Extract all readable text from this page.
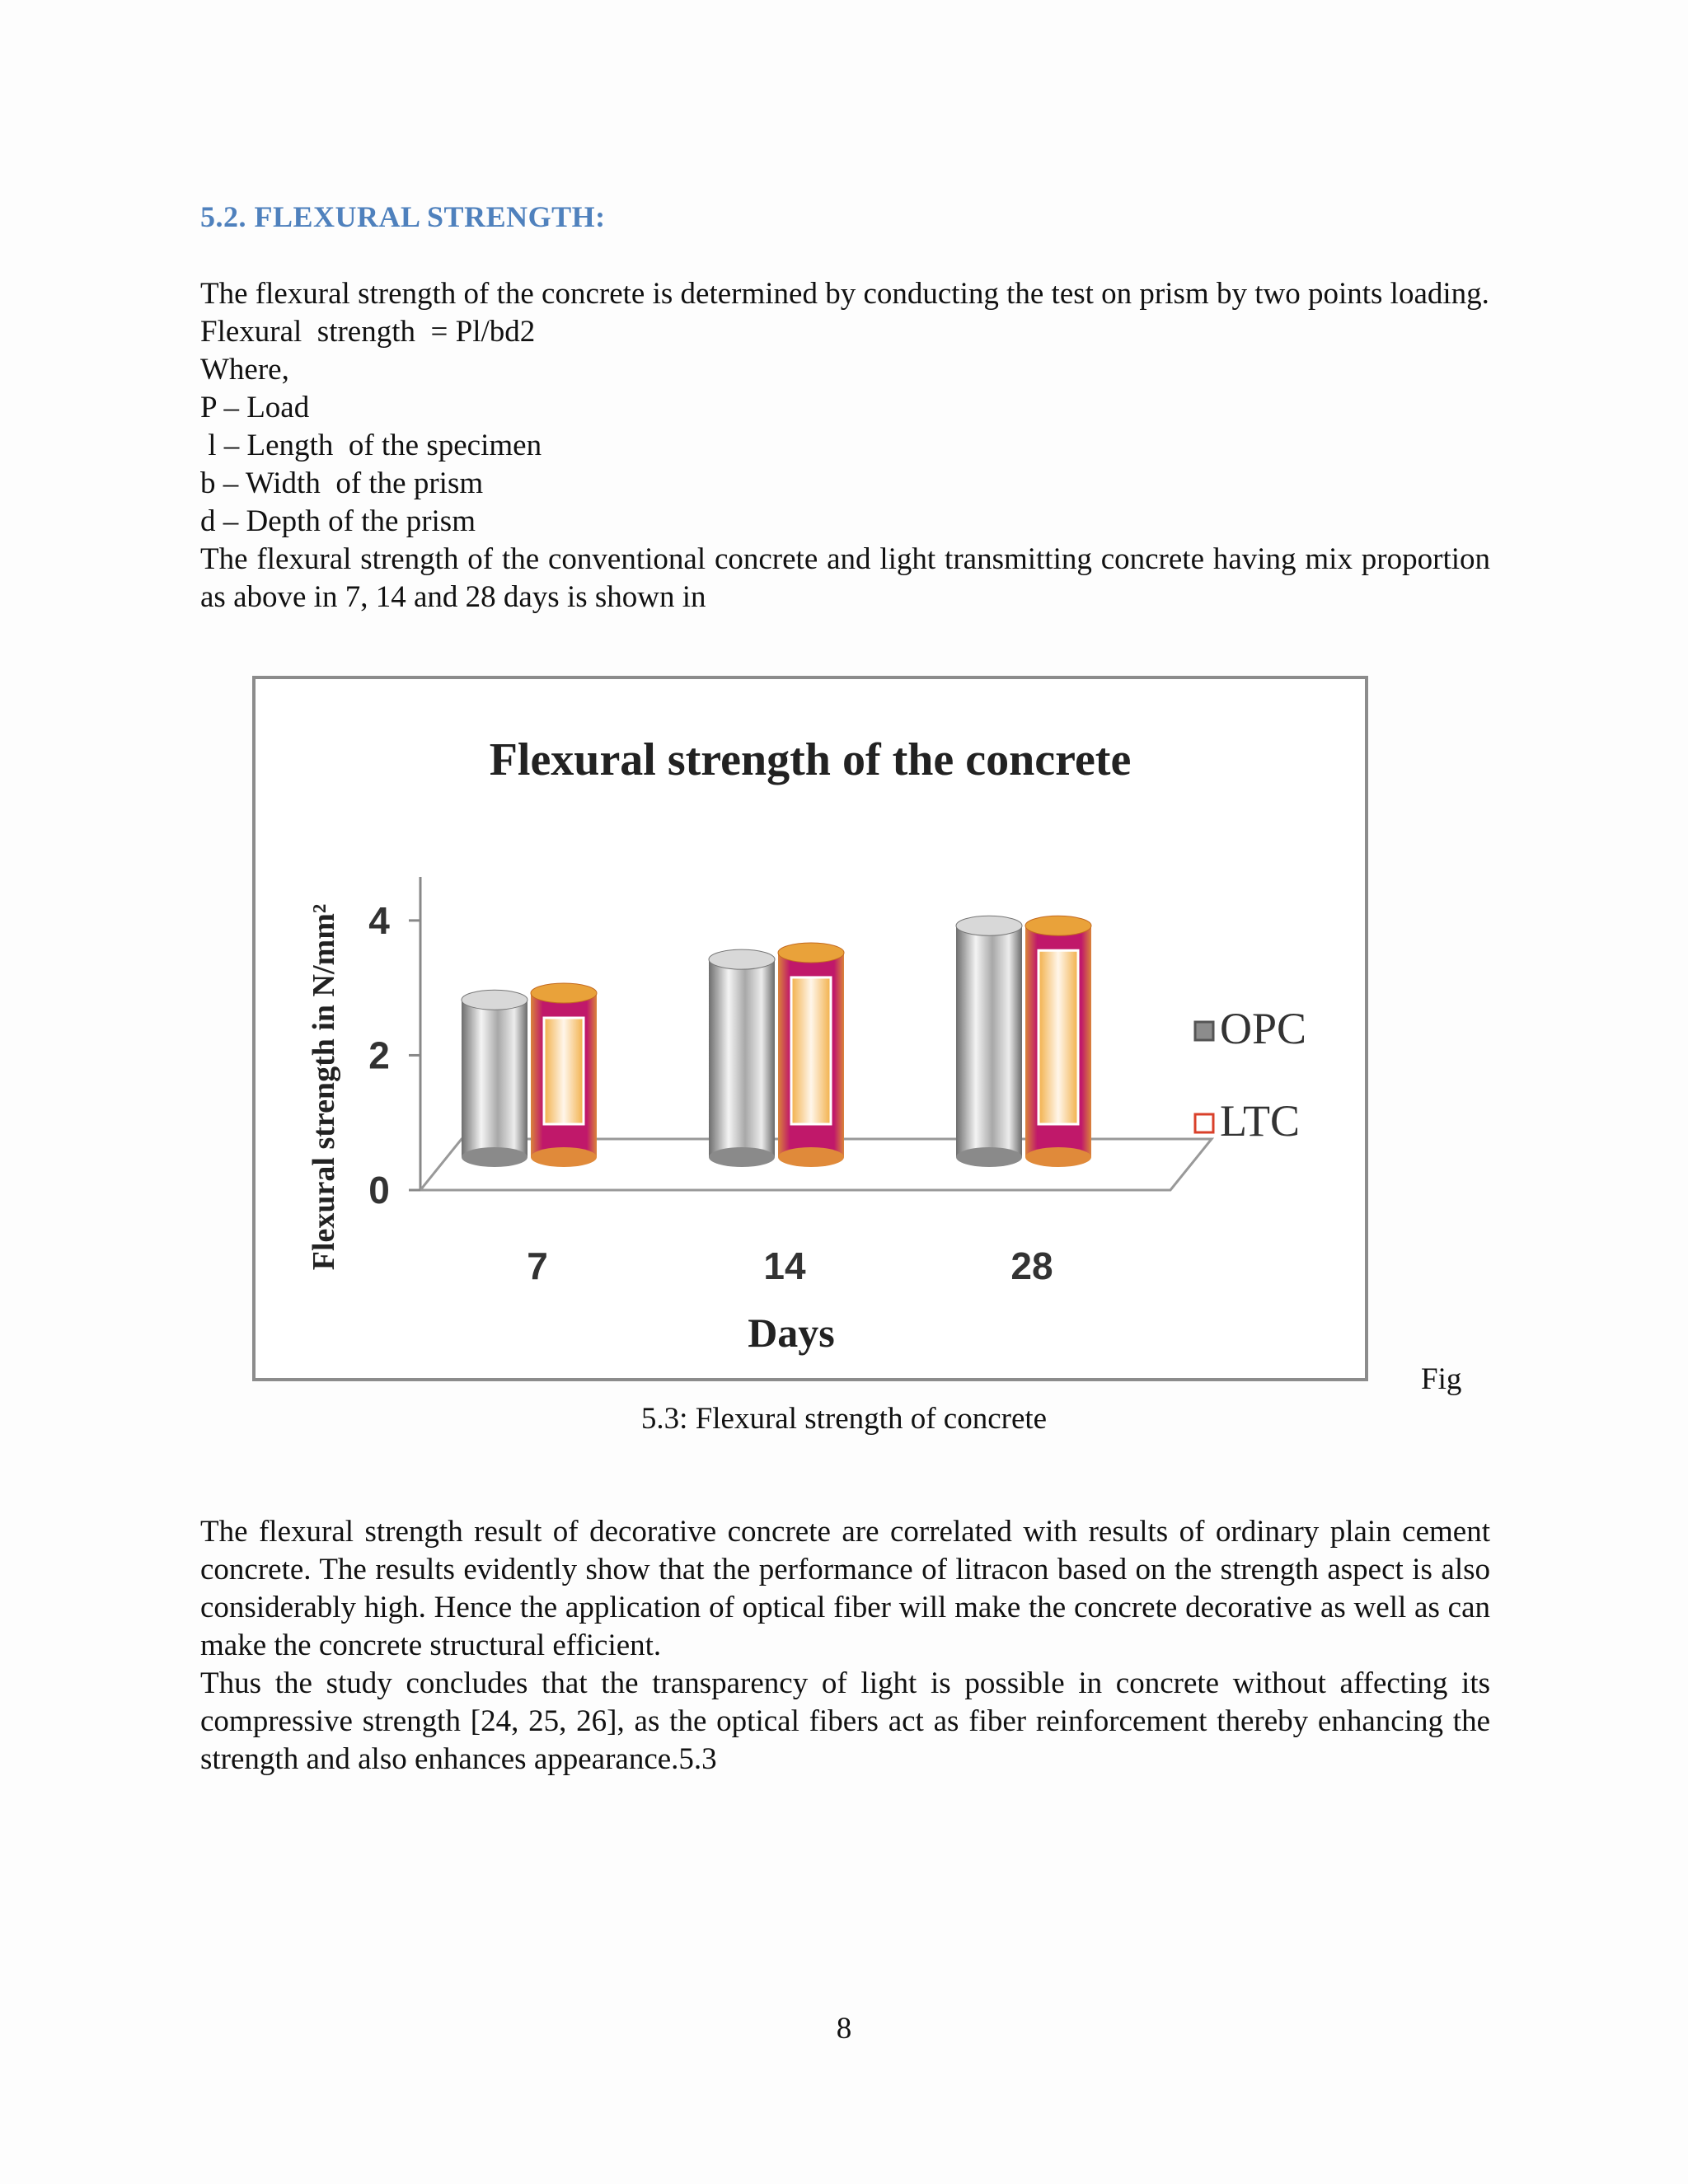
5.2. FLEXURAL STRENGTH:

The flexural strength of the concrete is determined by conducting the test on prism by two points loading.

Flexural  strength  = Pl/bd2
Where,
P – Load
l – Length  of the specimen
b – Width  of the prism
d – Depth of the prism

The flexural strength of the conventional concrete and light transmitting concrete having mix proportion as above in 7, 14 and 28 days is shown in

Flexural strength of the concrete
Flexural strength in N/mm² 0
2
4
7	14	28
Days
OPC
LTC
Fig
5.3: Flexural strength of concrete

The flexural strength result of decorative concrete are correlated with results of ordinary plain cement concrete. The results evidently show that the performance of litracon based on the strength aspect is also considerably high. Hence the application of optical fiber will make the concrete decorative as well as can make the concrete structural efficient.

Thus the study concludes that the transparency of light is possible in concrete without affecting its compressive strength [24, 25, 26], as the optical fibers act as fiber reinforcement thereby enhancing the strength and also enhances appearance.5.3

8
